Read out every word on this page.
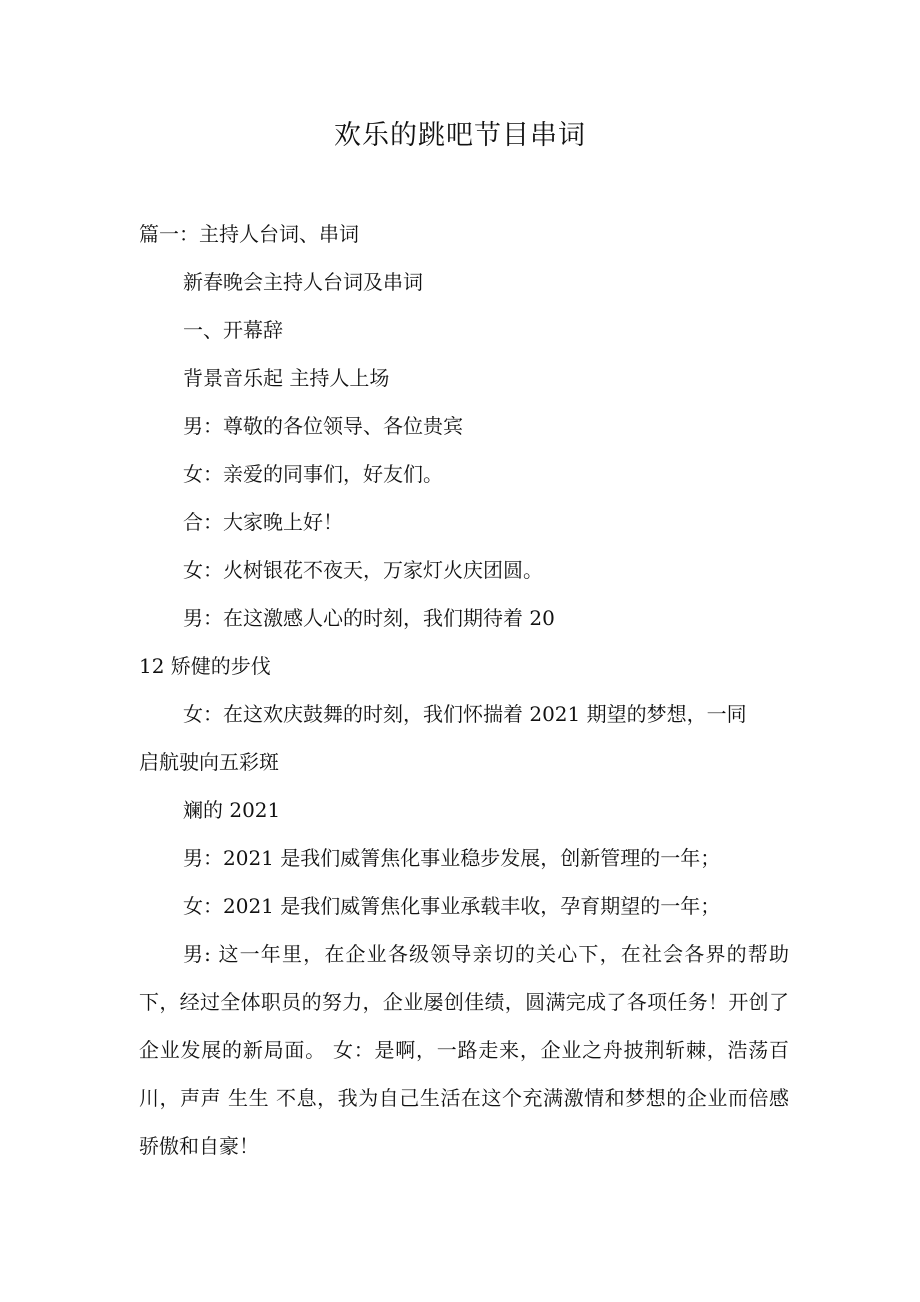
欢乐的跳吧节目串词
篇一：主持人台词、串词
新春晚会主持人台词及串词
一、开幕辞
背景音乐起 主持人上场
男：尊敬的各位领导、各位贵宾
女：亲爱的同事们，好友们。
合：大家晚上好！
女：火树银花不夜天，万家灯火庆团圆。
男：在这激感人心的时刻，我们期待着 20
12 矫健的步伐
女：在这欢庆鼓舞的时刻，我们怀揣着 2021 期望的梦想，一同
启航驶向五彩斑
斓的 2021
男：2021 是我们威箐焦化事业稳步发展，创新管理的一年；
女：2021 是我们威箐焦化事业承载丰收，孕育期望的一年；
男: 这一年里，在企业各级领导亲切的关心下，在社会各界的帮助下，经过全体职员的努力，企业屡创佳绩，圆满完成了各项任务！开创了企业发展的新局面。 女：是啊，一路走来，企业之舟披荆斩棘，浩荡百川，声声 生生 不息，我为自己生活在这个充满激情和梦想的企业而倍感骄傲和自豪！
